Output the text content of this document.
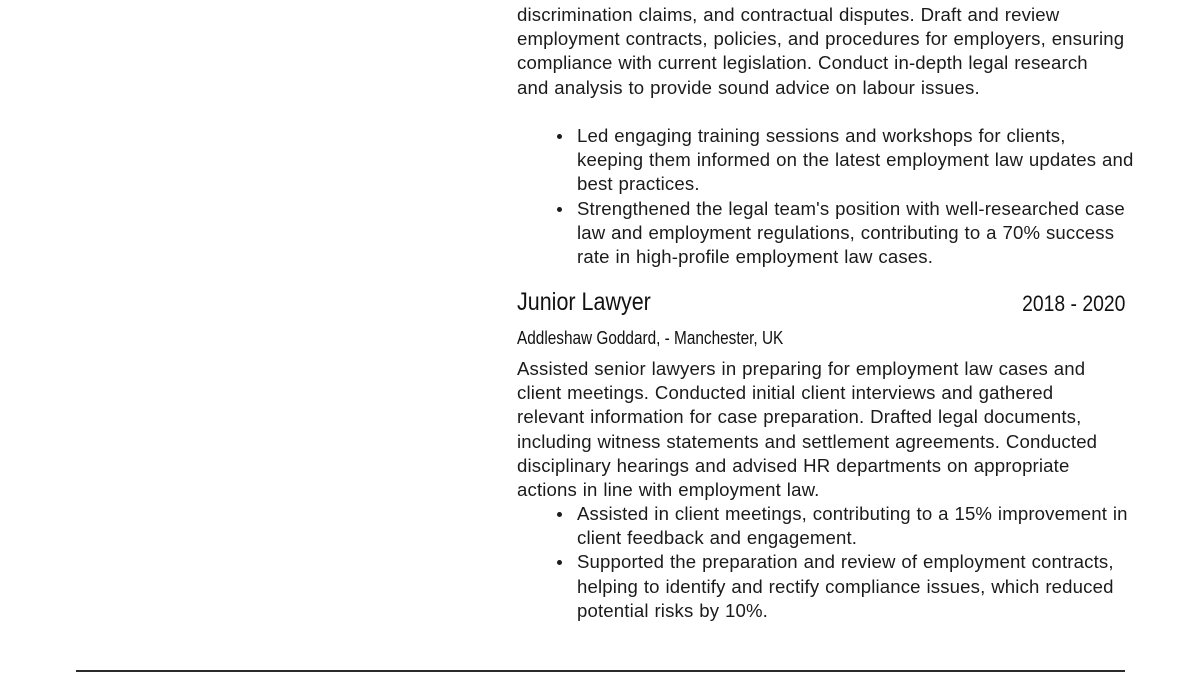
discrimination claims, and contractual disputes. Draft and review employment contracts, policies, and procedures for employers, ensuring compliance with current legislation. Conduct in-depth legal research and analysis to provide sound advice on labour issues.

Led engaging training sessions and workshops for clients, keeping them informed on the latest employment law updates and best practices.
Strengthened the legal team's position with well-researched case law and employment regulations, contributing to a 70% success rate in high-profile employment law cases.
Junior Lawyer	2018 - 2020
Addleshaw Goddard, - Manchester, UK

Assisted senior lawyers in preparing for employment law cases and client meetings. Conducted initial client interviews and gathered relevant information for case preparation. Drafted legal documents, including witness statements and settlement agreements. Conducted disciplinary hearings and advised HR departments on appropriate actions in line with employment law.

Assisted in client meetings, contributing to a 15% improvement in client feedback and engagement.
Supported the preparation and review of employment contracts, helping to identify and rectify compliance issues, which reduced potential risks by 10%.
